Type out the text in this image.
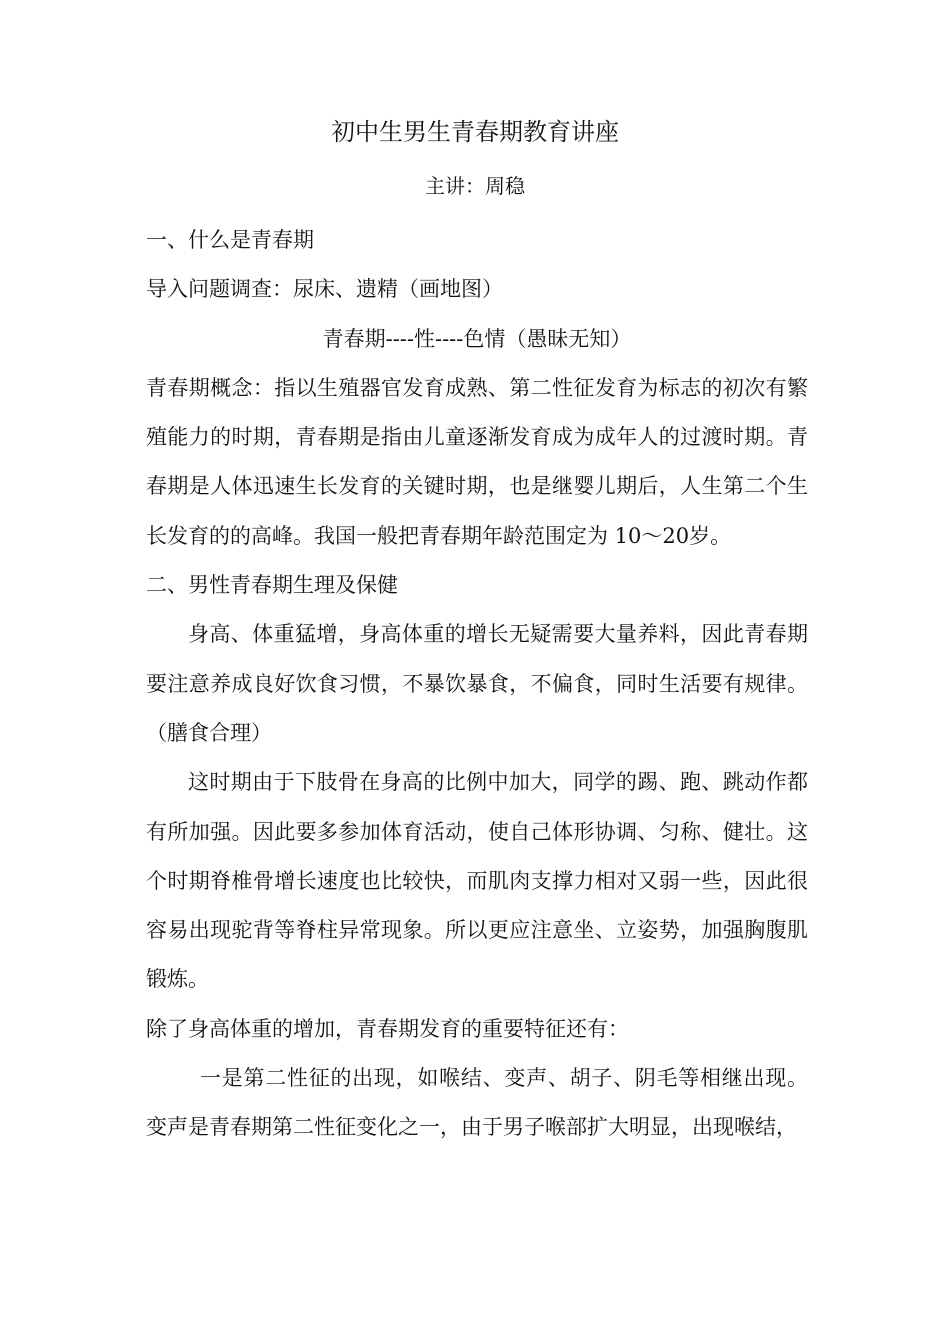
初中生男生青春期教育讲座
主讲：周稳

一、什么是青春期

导入问题调查：尿床、遗精（画地图）

青春期----性----色情（愚昧无知）

青春期概念：指以生殖器官发育成熟、第二性征发育为标志的初次有繁殖能力的时期，青春期是指由儿童逐渐发育成为成年人的过渡时期。青春期是人体迅速生长发育的关键时期，也是继婴儿期后，人生第二个生长发育的的高峰。我国一般把青春期年龄范围定为 10～20岁。

二、男性青春期生理及保健

身高、体重猛增，身高体重的增长无疑需要大量养料，因此青春期要注意养成良好饮食习惯，不暴饮暴食，不偏食，同时生活要有规律。（膳食合理）

这时期由于下肢骨在身高的比例中加大，同学的踢、跑、跳动作都有所加强。因此要多参加体育活动，使自己体形协调、匀称、健壮。这个时期脊椎骨增长速度也比较快，而肌肉支撑力相对又弱一些，因此很容易出现驼背等脊柱异常现象。所以更应注意坐、立姿势，加强胸腹肌锻炼。

除了身高体重的增加，青春期发育的重要特征还有：

一是第二性征的出现，如喉结、变声、胡子、阴毛等相继出现。变声是青春期第二性征变化之一，由于男子喉部扩大明显，出现喉结，
